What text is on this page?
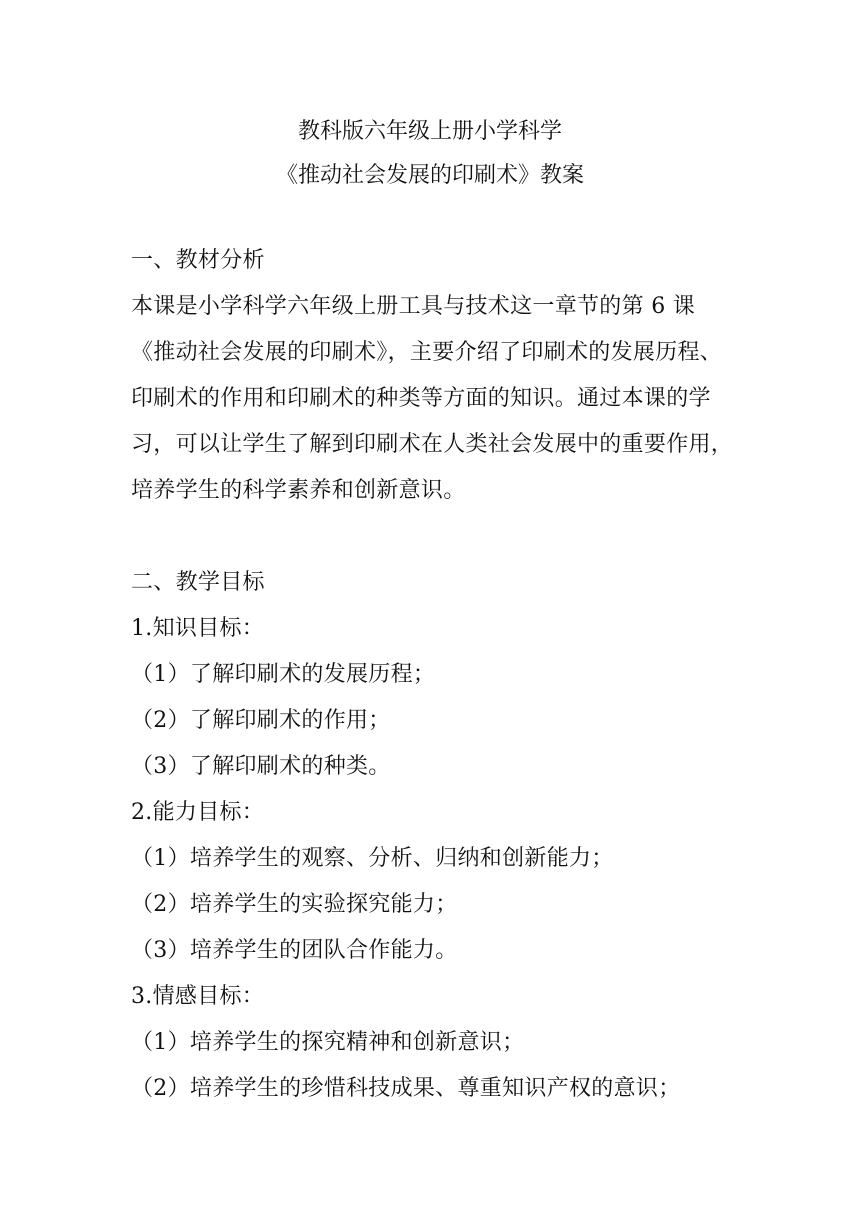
教科版六年级上册小学科学
《推动社会发展的印刷术》教案
一、教材分析
本课是小学科学六年级上册工具与技术这一章节的第 6 课
《推动社会发展的印刷术》，主要介绍了印刷术的发展历程、
印刷术的作用和印刷术的种类等方面的知识。通过本课的学
习，可以让学生了解到印刷术在人类社会发展中的重要作用，
培养学生的科学素养和创新意识。
二、教学目标
1.知识目标：
（1）了解印刷术的发展历程；
（2）了解印刷术的作用；
（3）了解印刷术的种类。
2.能力目标：
（1）培养学生的观察、分析、归纳和创新能力；
（2）培养学生的实验探究能力；
（3）培养学生的团队合作能力。
3.情感目标：
（1）培养学生的探究精神和创新意识；
（2）培养学生的珍惜科技成果、尊重知识产权的意识；
